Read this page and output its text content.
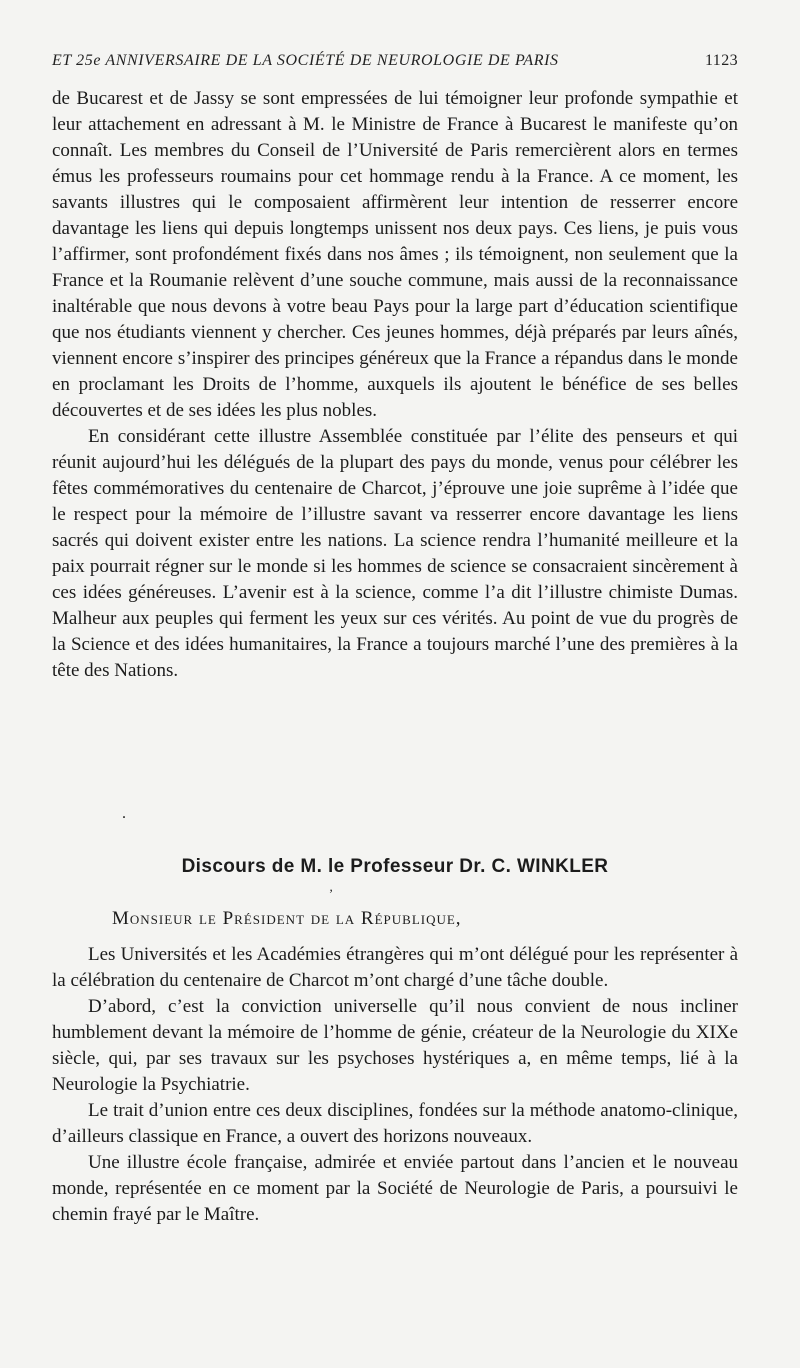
ET 25e ANNIVERSAIRE DE LA SOCIÉTÉ DE NEUROLOGIE DE PARIS	1123

de Bucarest et de Jassy se sont empressées de lui témoigner leur profonde sympathie et leur attachement en adressant à M. le Ministre de France à Bucarest le manifeste qu’on connaît. Les membres du Conseil de l’Université de Paris remercièrent alors en termes émus les professeurs roumains pour cet hommage rendu à la France. A ce moment, les savants illustres qui le composaient affirmèrent leur intention de resserrer encore davantage les liens qui depuis longtemps unissent nos deux pays. Ces liens, je puis vous l’affirmer, sont profondément fixés dans nos âmes ; ils témoignent, non seulement que la France et la Roumanie relèvent d’une souche commune, mais aussi de la reconnaissance inaltérable que nous devons à votre beau Pays pour la large part d’éducation scientifique que nos étudiants viennent y chercher. Ces jeunes hommes, déjà préparés par leurs aînés, viennent encore s’inspirer des principes généreux que la France a répandus dans le monde en proclamant les Droits de l’homme, auxquels ils ajoutent le bénéfice de ses belles découvertes et de ses idées les plus nobles.

En considérant cette illustre Assemblée constituée par l’élite des penseurs et qui réunit aujourd’hui les délégués de la plupart des pays du monde, venus pour célébrer les fêtes commémoratives du centenaire de Charcot, j’éprouve une joie suprême à l’idée que le respect pour la mémoire de l’illustre savant va resserrer encore davantage les liens sacrés qui doivent exister entre les nations. La science rendra l’humanité meilleure et la paix pourrait régner sur le monde si les hommes de science se consacraient sincèrement à ces idées généreuses. L’avenir est à la science, comme l’a dit l’illustre chimiste Dumas. Malheur aux peuples qui ferment les yeux sur ces vérités. Au point de vue du progrès de la Science et des idées humanitaires, la France a toujours marché l’une des premières à la tête des Nations.

.
Discours de M. le Professeur Dr. C. WINKLER
’

Monsieur le Président de la République,

Les Universités et les Académies étrangères qui m’ont délégué pour les représenter à la célébration du centenaire de Charcot m’ont chargé d’une tâche double.

D’abord, c’est la conviction universelle qu’il nous convient de nous incliner humblement devant la mémoire de l’homme de génie, créateur de la Neurologie du XIXe siècle, qui, par ses travaux sur les psychoses hystériques a, en même temps, lié à la Neurologie la Psychiatrie.

Le trait d’union entre ces deux disciplines, fondées sur la méthode anatomo-clinique, d’ailleurs classique en France, a ouvert des horizons nouveaux.

Une illustre école française, admirée et enviée partout dans l’ancien et le nouveau monde, représentée en ce moment par la Société de Neurologie de Paris, a poursuivi le chemin frayé par le Maître.
